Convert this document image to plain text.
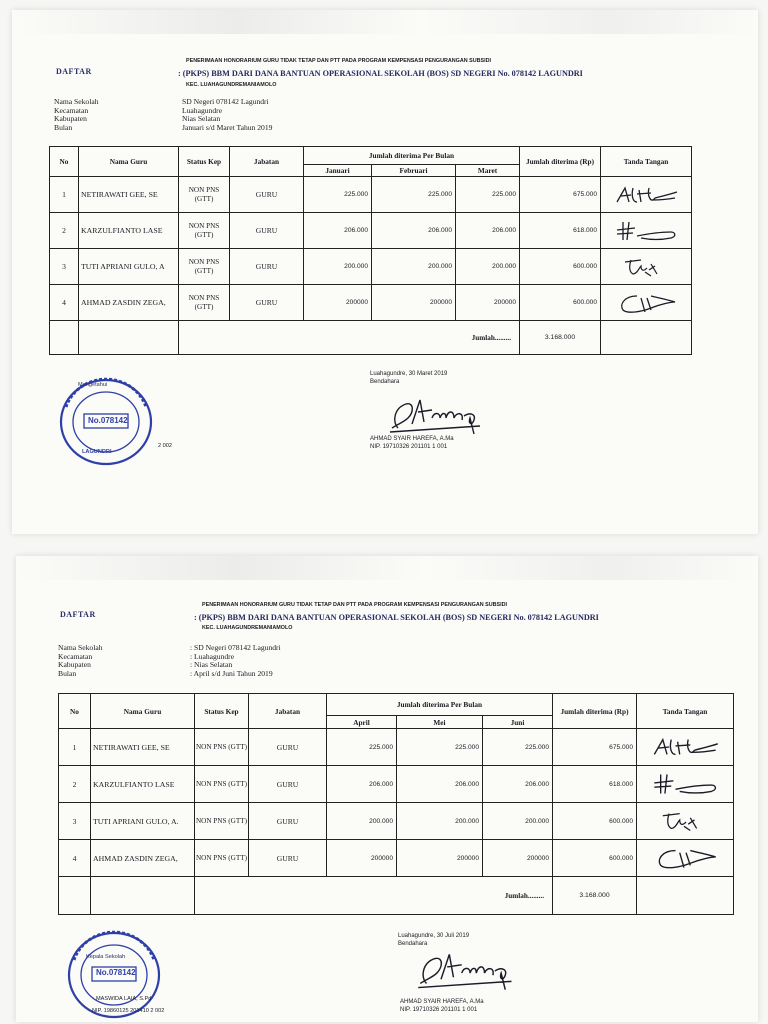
DAFTAR
PENERIMAAN HONORARIUM GURU TIDAK TETAP DAN PTT PADA PROGRAM KEMPENSASI PENGURANGAN SUBSIDI
: (PKPS) BBM DARI DANA BANTUAN OPERASIONAL SEKOLAH (BOS) SD NEGERI No. 078142 LAGUNDRI
KEC. LUAHAGUNDREMANIAMOLO
Nama Sekolah	SD Negeri 078142 Lagundri
Kecamatan	Luahagundre
Kabupaten	Nias Selatan
Bulan	Januari s/d Maret Tahun 2019
No	Nama Guru	Status Kep	Jabatan	Jumlah diterima Per Bulan			Jumlah diterima (Rp)	Tanda Tangan
				Januari	Februari	Maret		
1	NETIRAWATI GEE, SE	NON PNS (GTT)	GURU	225.000	225.000	225.000	675.000	

2	KARZULFIANTO LASE	NON PNS (GTT)	GURU	206.000	206.000	206.000	618.000	

3	TUTI APRIANI GULO, A	NON PNS (GTT)	GURU	200.000	200.000	200.000	600.000	

4	AHMAD ZASDIN ZEGA,	NON PNS (GTT)	GURU	200000	200000	200000	600.000	

		Jumlah.........					3.168.000	
Luahagundre, 30 Maret 2019
Bendahara
AHMAD SYAIR HAREFA, A.Ma
NIP. 19710326 201101 1 001
Mengetahui
No.078142
LAGUNDRI
2 002
DAFTAR
PENERIMAAN HONORARIUM GURU TIDAK TETAP DAN PTT PADA PROGRAM KEMPENSASI PENGURANGAN SUBSIDI
: (PKPS) BBM DARI DANA BANTUAN OPERASIONAL SEKOLAH (BOS) SD NEGERI No. 078142 LAGUNDRI
KEC. LUAHAGUNDREMANIAMOLO
Nama Sekolah	: SD Negeri 078142 Lagundri
Kecamatan	: Luahagundre
Kabupaten	: Nias Selatan
Bulan	: April s/d Juni Tahun 2019
No	Nama Guru	Status Kep	Jabatan	Jumlah diterima Per Bulan			Jumlah diterima (Rp)	Tanda Tangan
				April	Mei	Juni		
1	NETIRAWATI GEE, SE	NON PNS (GTT)	GURU	225.000	225.000	225.000	675.000	

2	KARZULFIANTO LASE	NON PNS (GTT)	GURU	206.000	206.000	206.000	618.000	

3	TUTI APRIANI GULO, A.	NON PNS (GTT)	GURU	200.000	200.000	200.000	600.000	

4	AHMAD ZASDIN ZEGA,	NON PNS (GTT)	GURU	200000	200000	200000	600.000	

		Jumlah.........					3.168.000	
Luahagundre, 30 Juli 2019
Bendahara
AHMAD SYAIR HAREFA, A.Ma
NIP. 19710326 201101 1 001
Kepala Sekolah
No.078142
MASWIDA LAIA, S.Pd
NIP. 19860125 201410 2 002
